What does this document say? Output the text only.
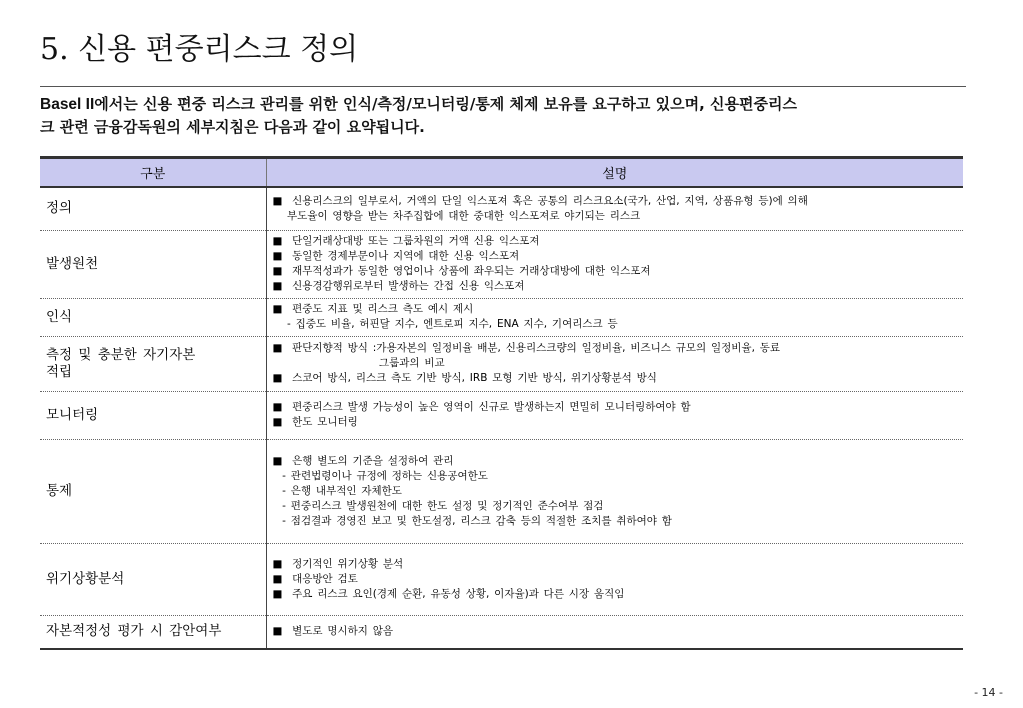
5. 신용 편중리스크 정의
Basel II에서는 신용 편중 리스크 관리를 위한 인식/측정/모니터링/통제 체제 보유를 요구하고 있으며, 신용편중리스
크 관련 금융감독원의 세부지침은 다음과 같이 요약됩니다.
구분	설명
정의	■  신용리스크의 일부로서, 거액의 단일 익스포져 혹은 공통의 리스크요소(국가, 산업, 지역, 상품유형 등)에 의해
부도율이 영향을 받는 차주집합에 대한 중대한 익스포져로 야기되는 리스크

발생원천	■  단일거래상대방 또는 그룹차원의 거액 신용 익스포져
■  동일한 경제부문이나 지역에 대한 신용 익스포져
■  재무적성과가 동일한 영업이나 상품에 좌우되는 거래상대방에 대한 익스포져
■  신용경감행위로부터 발생하는 간접 신용 익스포져

인식	■  편중도 지표 및 리스크 측도 예시 제시
- 집중도 비율, 허핀달 지수, 엔트로피 지수, ENA 지수, 기여리스크 등

측정 및 충분한 자기자본
적립	■  판단지향적 방식 :가용자본의 일정비율 배분, 신용리스크량의 일정비율, 비즈니스 규모의 일정비율, 동료
그룹과의 비교
■  스코어 방식, 리스크 측도 기반 방식, IRB 모형 기반 방식, 위기상황분석 방식

모니터링	■  편중리스크 발생 가능성이 높은 영역이 신규로 발생하는지 면밀히 모니터링하여야 함
■  한도 모니터링

통제	■  은행 별도의 기준을 설정하여 관리
- 관련법령이나 규정에 정하는 신용공여한도
- 은행 내부적인 자체한도
- 편중리스크 발생원천에 대한 한도 설정 및 정기적인 준수여부 점검
- 점검결과 경영진 보고 및 한도설정, 리스크 감축 등의 적절한 조치를 취하여야 함

위기상황분석	■  정기적인 위기상황 분석
■  대응방안 검토
■  주요 리스크 요인(경제 순환, 유동성 상황, 이자율)과 다른 시장 움직임

자본적정성 평가 시 감안여부	■  별도로 명시하지 않음
- 14 -
